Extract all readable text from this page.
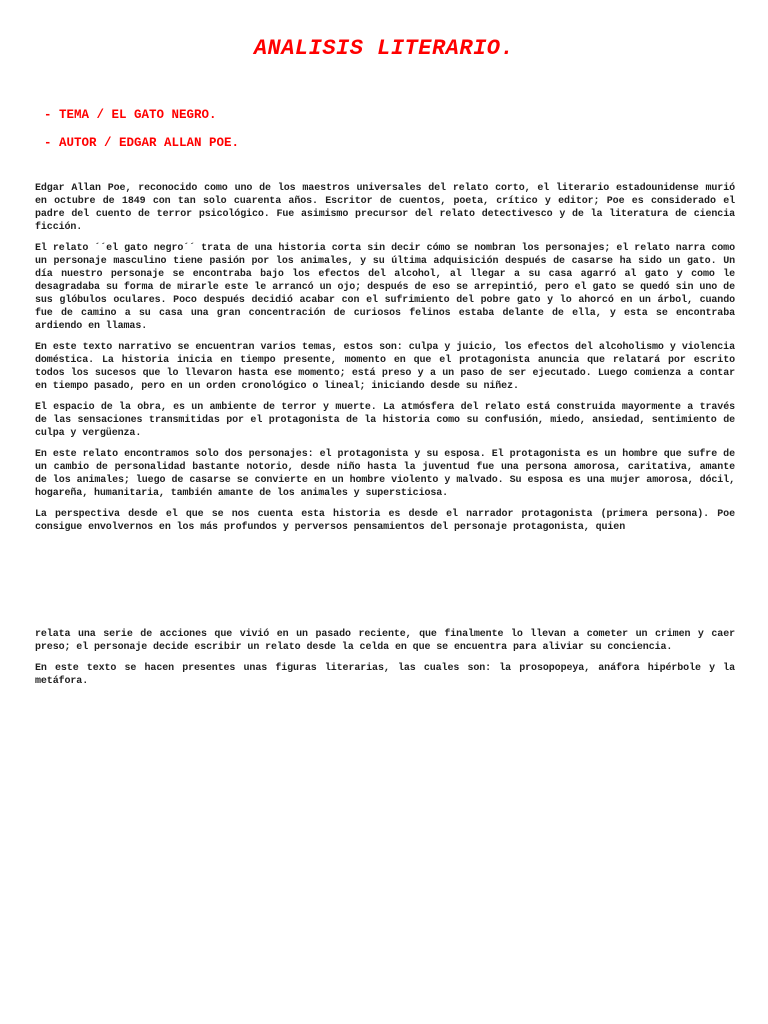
ANALISIS LITERARIO.

- TEMA / EL GATO NEGRO.

- AUTOR / EDGAR ALLAN POE.

Edgar Allan Poe, reconocido como uno de los maestros universales del relato corto, el literario estadounidense murió en octubre de 1849 con tan solo cuarenta años. Escritor de cuentos, poeta, crítico y editor; Poe es considerado el padre del cuento de terror psicológico. Fue asimismo precursor del relato detectivesco y de la literatura de ciencia ficción.

El relato ´´el gato negro´´ trata de una historia corta sin decir cómo se nombran los personajes; el relato narra como un personaje masculino tiene pasión por los animales, y su última adquisición después de casarse ha sido un gato. Un día nuestro personaje se encontraba bajo los efectos del alcohol, al llegar a su casa agarró al gato y como le desagradaba su forma de mirarle este le arrancó un ojo; después de eso se arrepintió, pero el gato se quedó sin uno de sus glóbulos oculares. Poco después decidió acabar con el sufrimiento del pobre gato y lo ahorcó en un árbol, cuando fue de camino a su casa una gran concentración de curiosos felinos estaba delante de ella, y esta se encontraba ardiendo en llamas.

En este texto narrativo se encuentran varios temas, estos son: culpa y juicio, los efectos del alcoholismo y violencia doméstica. La historia inicia en tiempo presente, momento en que el protagonista anuncia que relatará por escrito todos los sucesos que lo llevaron hasta ese momento; está preso y a un paso de ser ejecutado. Luego comienza a contar en tiempo pasado, pero en un orden cronológico o lineal; iniciando desde su niñez.

El espacio de la obra, es un ambiente de terror y muerte. La atmósfera del relato está construida mayormente a través de las sensaciones transmitidas por el protagonista de la historia como su confusión, miedo, ansiedad, sentimiento de culpa y vergüenza.

En este relato encontramos solo dos personajes: el protagonista y su esposa. El protagonista es un hombre que sufre de un cambio de personalidad bastante notorio, desde niño hasta la juventud fue una persona amorosa, caritativa, amante de los animales; luego de casarse se convierte en un hombre violento y malvado. Su esposa es una mujer amorosa, dócil, hogareña, humanitaria, también amante de los animales y supersticiosa.

La perspectiva desde el que se nos cuenta esta historia es desde el narrador protagonista (primera persona). Poe consigue envolvernos en los más profundos y perversos pensamientos del personaje protagonista, quien

relata una serie de acciones que vivió en un pasado reciente, que finalmente lo llevan a cometer un crimen y caer preso; el personaje decide escribir un relato desde la celda en que se encuentra para aliviar su conciencia.

En este texto se hacen presentes unas figuras literarias, las cuales son: la prosopopeya, anáfora hipérbole y la metáfora.
